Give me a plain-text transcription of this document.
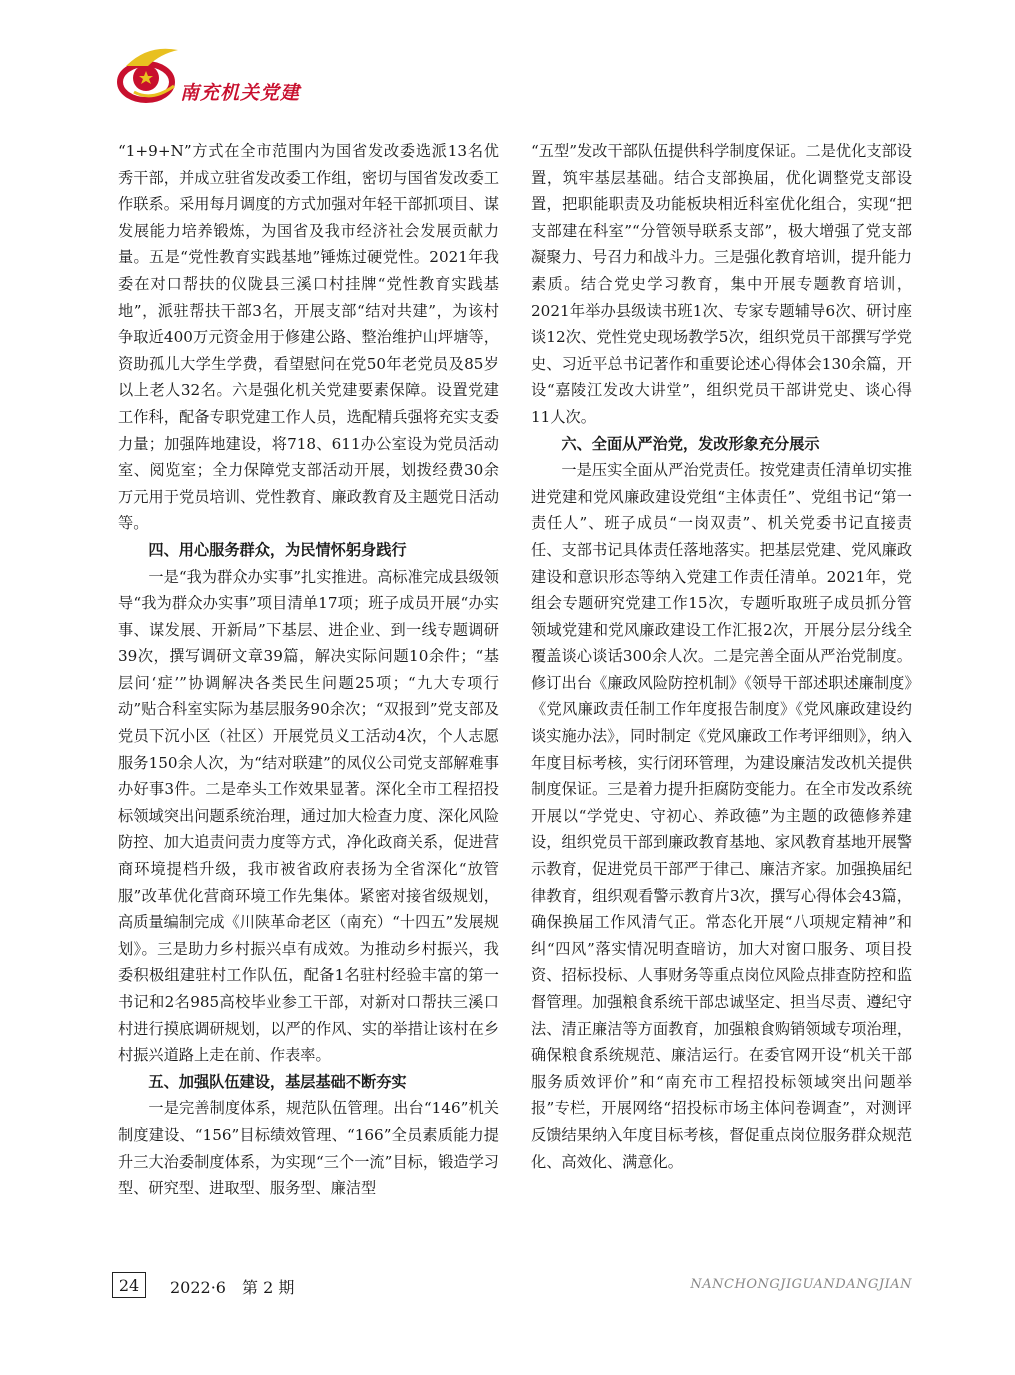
南充机关党建

“1+9+N”方式在全市范围内为国省发改委选派13名优秀干部，并成立驻省发改委工作组，密切与国省发改委工作联系。采用每月调度的方式加强对年轻干部抓项目、谋发展能力培养锻炼，为国省及我市经济社会发展贡献力量。五是“党性教育实践基地”锤炼过硬党性。2021年我委在对口帮扶的仪陇县三溪口村挂牌“党性教育实践基地”，派驻帮扶干部3名，开展支部“结对共建”，为该村争取近400万元资金用于修建公路、整治维护山坪塘等，资助孤儿大学生学费，看望慰问在党50年老党员及85岁以上老人32名。六是强化机关党建要素保障。设置党建工作科，配备专职党建工作人员，选配精兵强将充实支委力量；加强阵地建设，将718、611办公室设为党员活动室、阅览室；全力保障党支部活动开展，划拨经费30余万元用于党员培训、党性教育、廉政教育及主题党日活动等。

四、用心服务群众，为民情怀躬身践行

一是“我为群众办实事”扎实推进。高标准完成县级领导“我为群众办实事”项目清单17项；班子成员开展“办实事、谋发展、开新局”下基层、进企业、到一线专题调研39次，撰写调研文章39篇，解决实际问题10余件；“基层问‘症’”协调解决各类民生问题25项；“九大专项行动”贴合科室实际为基层服务90余次；“双报到”党支部及党员下沉小区（社区）开展党员义工活动4次，个人志愿服务150余人次，为“结对联建”的凤仪公司党支部解难事办好事3件。二是牵头工作效果显著。深化全市工程招投标领域突出问题系统治理，通过加大检查力度、深化风险防控、加大追责问责力度等方式，净化政商关系，促进营商环境提档升级，我市被省政府表扬为全省深化“放管服”改革优化营商环境工作先集体。紧密对接省级规划，高质量编制完成《川陕革命老区（南充）“十四五”发展规划》。三是助力乡村振兴卓有成效。为推动乡村振兴，我委积极组建驻村工作队伍，配备1名驻村经验丰富的第一书记和2名985高校毕业参工干部，对新对口帮扶三溪口村进行摸底调研规划，以严的作风、实的举措让该村在乡村振兴道路上走在前、作表率。

五、加强队伍建设，基层基础不断夯实

一是完善制度体系，规范队伍管理。出台“146”机关制度建设、“156”目标绩效管理、“166”全员素质能力提升三大治委制度体系，为实现“三个一流”目标，锻造学习型、研究型、进取型、服务型、廉洁型

“五型”发改干部队伍提供科学制度保证。二是优化支部设置，筑牢基层基础。结合支部换届，优化调整党支部设置，把职能职责及功能板块相近科室优化组合，实现“把支部建在科室”“分管领导联系支部”，极大增强了党支部凝聚力、号召力和战斗力。三是强化教育培训，提升能力素质。结合党史学习教育，集中开展专题教育培训，2021年举办县级读书班1次、专家专题辅导6次、研讨座谈12次、党性党史现场教学5次，组织党员干部撰写学党史、习近平总书记著作和重要论述心得体会130余篇，开设“嘉陵江发改大讲堂”，组织党员干部讲党史、谈心得11人次。

六、全面从严治党，发改形象充分展示

一是压实全面从严治党责任。按党建责任清单切实推进党建和党风廉政建设党组“主体责任”、党组书记“第一责任人”、班子成员“一岗双责”、机关党委书记直接责任、支部书记具体责任落地落实。把基层党建、党风廉政建设和意识形态等纳入党建工作责任清单。2021年，党组会专题研究党建工作15次，专题听取班子成员抓分管领域党建和党风廉政建设工作汇报2次，开展分层分线全覆盖谈心谈话300余人次。二是完善全面从严治党制度。修订出台《廉政风险防控机制》《领导干部述职述廉制度》《党风廉政责任制工作年度报告制度》《党风廉政建设约谈实施办法》，同时制定《党风廉政工作考评细则》，纳入年度目标考核，实行闭环管理，为建设廉洁发改机关提供制度保证。三是着力提升拒腐防变能力。在全市发改系统开展以“学党史、守初心、养政德”为主题的政德修养建设，组织党员干部到廉政教育基地、家风教育基地开展警示教育，促进党员干部严于律己、廉洁齐家。加强换届纪律教育，组织观看警示教育片3次，撰写心得体会43篇，确保换届工作风清气正。常态化开展“八项规定精神”和纠“四风”落实情况明查暗访，加大对窗口服务、项目投资、招标投标、人事财务等重点岗位风险点排查防控和监督管理。加强粮食系统干部忠诚坚定、担当尽责、遵纪守法、清正廉洁等方面教育，加强粮食购销领域专项治理，确保粮食系统规范、廉洁运行。在委官网开设“机关干部服务质效评价”和“南充市工程招投标领域突出问题举报”专栏，开展网络“招投标市场主体问卷调查”，对测评反馈结果纳入年度目标考核，督促重点岗位服务群众规范化、高效化、满意化。

24	2022·6　第 2 期	NANCHONGJIGUANDANGJIAN
